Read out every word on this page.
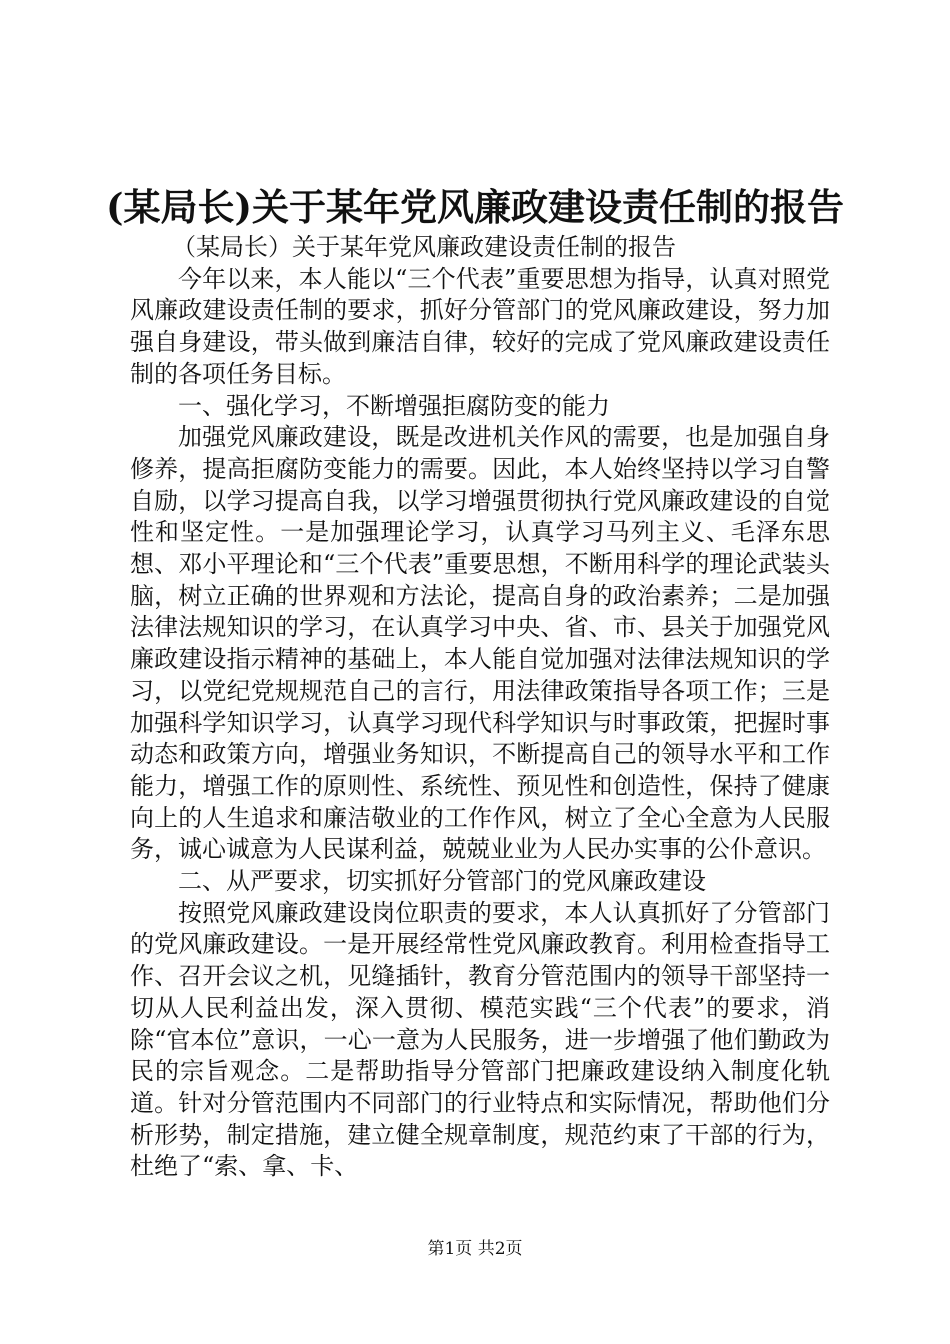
(某局长)关于某年党风廉政建设责任制的报告

（某局长）关于某年党风廉政建设责任制的报告

今年以来，本人能以“三个代表”重要思想为指导，认真对照党风廉政建设责任制的要求，抓好分管部门的党风廉政建设，努力加强自身建设，带头做到廉洁自律，较好的完成了党风廉政建设责任制的各项任务目标。

一、强化学习，不断增强拒腐防变的能力

加强党风廉政建设，既是改进机关作风的需要，也是加强自身修养，提高拒腐防变能力的需要。因此，本人始终坚持以学习自警自励，以学习提高自我，以学习增强贯彻执行党风廉政建设的自觉性和坚定性。一是加强理论学习，认真学习马列主义、毛泽东思想、邓小平理论和“三个代表”重要思想，不断用科学的理论武装头脑，树立正确的世界观和方法论，提高自身的政治素养；二是加强法律法规知识的学习，在认真学习中央、省、市、县关于加强党风廉政建设指示精神的基础上，本人能自觉加强对法律法规知识的学习，以党纪党规规范自己的言行，用法律政策指导各项工作；三是加强科学知识学习，认真学习现代科学知识与时事政策，把握时事动态和政策方向，增强业务知识，不断提高自己的领导水平和工作能力，增强工作的原则性、系统性、预见性和创造性，保持了健康向上的人生追求和廉洁敬业的工作作风，树立了全心全意为人民服务，诚心诚意为人民谋利益，兢兢业业为人民办实事的公仆意识。

二、从严要求，切实抓好分管部门的党风廉政建设

按照党风廉政建设岗位职责的要求，本人认真抓好了分管部门的党风廉政建设。一是开展经常性党风廉政教育。利用检查指导工作、召开会议之机，见缝插针，教育分管范围内的领导干部坚持一切从人民利益出发，深入贯彻、模范实践“三个代表”的要求，消除“官本位”意识，一心一意为人民服务，进一步增强了他们勤政为民的宗旨观念。二是帮助指导分管部门把廉政建设纳入制度化轨道。针对分管范围内不同部门的行业特点和实际情况，帮助他们分析形势，制定措施，建立健全规章制度，规范约束了干部的行为，杜绝了“索、拿、卡、

第1页 共2页
